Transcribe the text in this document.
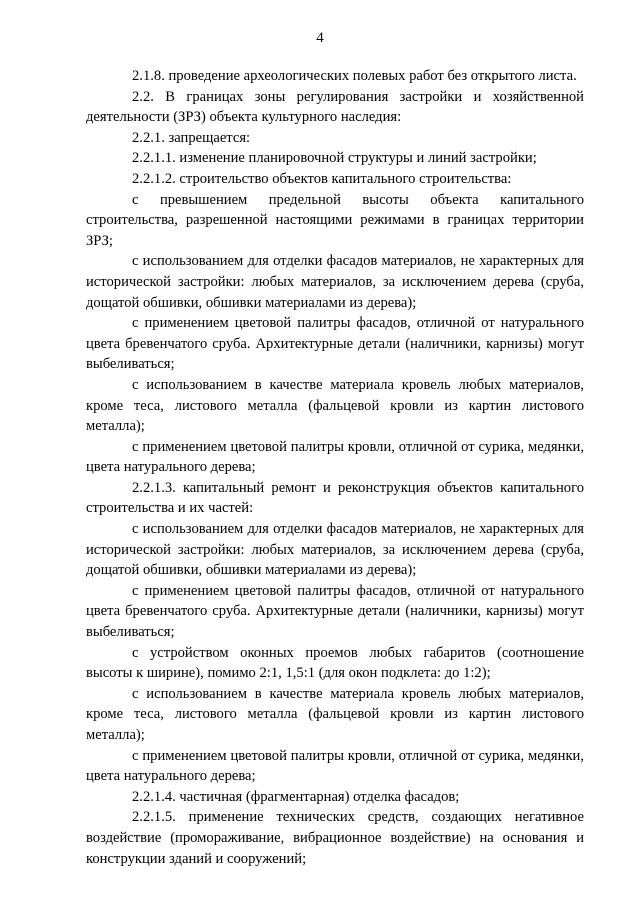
4

2.1.8. проведение археологических полевых работ без открытого листа.

2.2. В границах зоны регулирования застройки и хозяйственной деятельности (ЗРЗ) объекта культурного наследия:

2.2.1. запрещается:

2.2.1.1. изменение планировочной структуры и линий застройки;

2.2.1.2. строительство объектов капитального строительства:

с превышением предельной высоты объекта капитального строительства, разрешенной настоящими режимами в границах территории ЗРЗ;

с использованием для отделки фасадов материалов, не характерных для исторической застройки: любых материалов, за исключением дерева (сруба, дощатой обшивки, обшивки материалами из дерева);

с применением цветовой палитры фасадов, отличной от натурального цвета бревенчатого сруба. Архитектурные детали (наличники, карнизы) могут выбеливаться;

с использованием в качестве материала кровель любых материалов, кроме теса, листового металла (фальцевой кровли из картин листового металла);

с применением цветовой палитры кровли, отличной от сурика, медянки, цвета натурального дерева;

2.2.1.3. капитальный ремонт и реконструкция объектов капитального строительства и их частей:

с использованием для отделки фасадов материалов, не характерных для исторической застройки: любых материалов, за исключением дерева (сруба, дощатой обшивки, обшивки материалами из дерева);

с применением цветовой палитры фасадов, отличной от натурального цвета бревенчатого сруба. Архитектурные детали (наличники, карнизы) могут выбеливаться;

с устройством оконных проемов любых габаритов (соотношение высоты к ширине), помимо 2:1, 1,5:1 (для окон подклета: до 1:2);

с использованием в качестве материала кровель любых материалов, кроме теса, листового металла (фальцевой кровли из картин листового металла);

с применением цветовой палитры кровли, отличной от сурика, медянки, цвета натурального дерева;

2.2.1.4. частичная (фрагментарная) отделка фасадов;

2.2.1.5. применение технических средств, создающих негативное воздействие (промораживание, вибрационное воздействие) на основания и конструкции зданий и сооружений;
